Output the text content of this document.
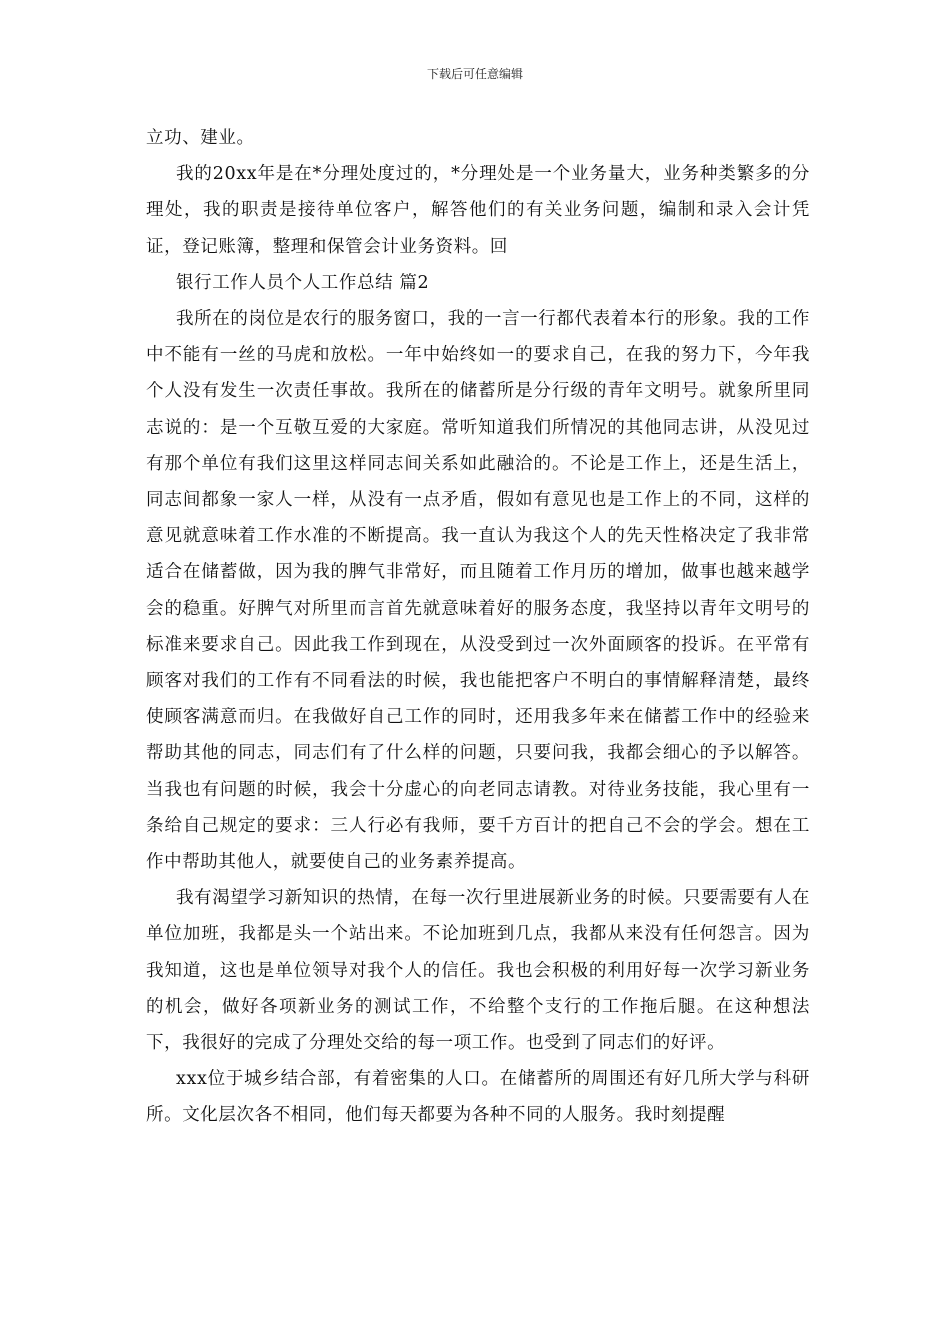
下载后可任意编辑

立功、建业。

我的20xx年是在*分理处度过的，*分理处是一个业务量大，业务种类繁多的分理处，我的职责是接待单位客户，解答他们的有关业务问题，编制和录入会计凭证，登记账簿，整理和保管会计业务资料。回

银行工作人员个人工作总结 篇2

我所在的岗位是农行的服务窗口，我的一言一行都代表着本行的形象。我的工作中不能有一丝的马虎和放松。一年中始终如一的要求自己，在我的努力下，今年我个人没有发生一次责任事故。我所在的储蓄所是分行级的青年文明号。就象所里同志说的：是一个互敬互爱的大家庭。常听知道我们所情况的其他同志讲，从没见过有那个单位有我们这里这样同志间关系如此融洽的。不论是工作上，还是生活上，同志间都象一家人一样，从没有一点矛盾，假如有意见也是工作上的不同，这样的意见就意味着工作水准的不断提高。我一直认为我这个人的先天性格决定了我非常适合在储蓄做，因为我的脾气非常好，而且随着工作月历的增加，做事也越来越学会的稳重。好脾气对所里而言首先就意味着好的服务态度，我坚持以青年文明号的标准来要求自己。因此我工作到现在，从没受到过一次外面顾客的投诉。在平常有顾客对我们的工作有不同看法的时候，我也能把客户不明白的事情解释清楚，最终使顾客满意而归。在我做好自己工作的同时，还用我多年来在储蓄工作中的经验来帮助其他的同志，同志们有了什么样的问题，只要问我，我都会细心的予以解答。当我也有问题的时候，我会十分虚心的向老同志请教。对待业务技能，我心里有一条给自己规定的要求：三人行必有我师，要千方百计的把自己不会的学会。想在工作中帮助其他人，就要使自己的业务素养提高。

我有渴望学习新知识的热情，在每一次行里进展新业务的时候。只要需要有人在单位加班，我都是头一个站出来。不论加班到几点，我都从来没有任何怨言。因为我知道，这也是单位领导对我个人的信任。我也会积极的利用好每一次学习新业务的机会，做好各项新业务的测试工作，不给整个支行的工作拖后腿。在这种想法下，我很好的完成了分理处交给的每一项工作。也受到了同志们的好评。

xxx位于城乡结合部，有着密集的人口。在储蓄所的周围还有好几所大学与科研所。文化层次各不相同，他们每天都要为各种不同的人服务。我时刻提醒
